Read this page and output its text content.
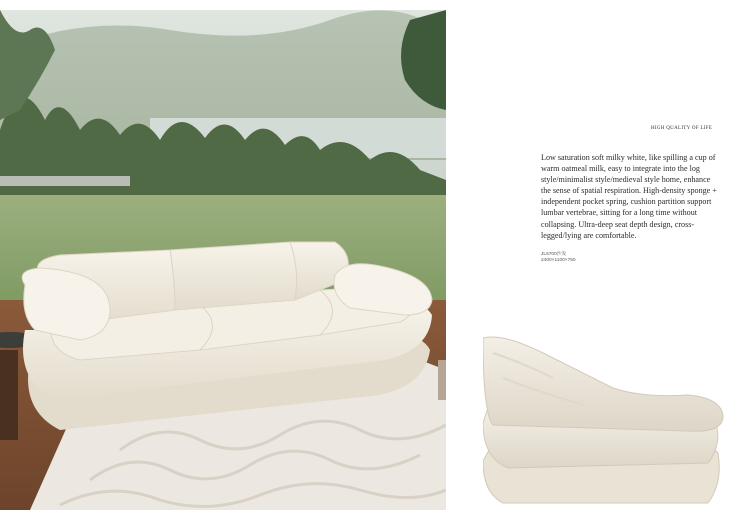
HIGH QUALITY OF LIFE

Low saturation soft milky white, like spilling a cup of warm oatmeal milk, easy to integrate into the log style/minimalist style/medieval style home, enhance the sense of spatial respiration. High-density sponge + independent pocket spring, cushion partition support lumbar vertebrae, sitting for a long time without collapsing. Ultra-deep seat depth design, cross-legged/lying are comfortable.

JL6700沙发
2400×1100×750
